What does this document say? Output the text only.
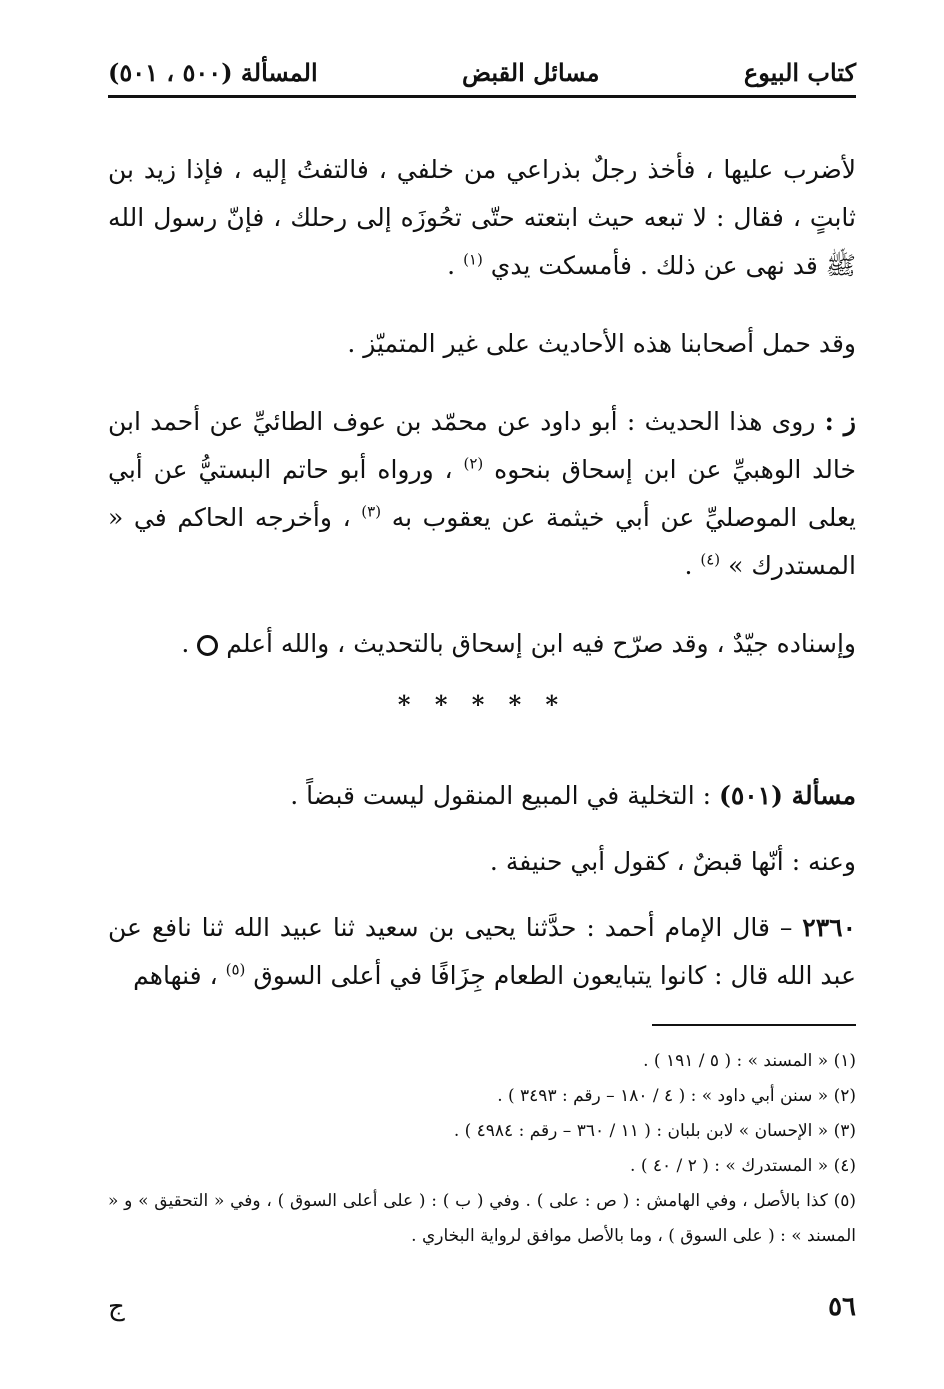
كتاب البيوع
مسائل القبض
المسألة (٥٠٠ ، ٥٠١)

لأضرب عليها ، فأخذ رجلٌ بذراعي من خلفي ، فالتفتُ إليه ، فإذا زيد بن ثابتٍ ، فقال : لا تبعه حيث ابتعته حتّى تحُوزَه إلى رحلك ، فإنّ رسول الله ﷺ قد نهى عن ذلك . فأمسكت يدي $^{(١)}$ .

وقد حمل أصحابنا هذه الأحاديث على غير المتميّز .

ز : روى هذا الحديث : أبو داود عن محمّد بن عوف الطائيِّ عن أحمد ابن خالد الوهبيِّ عن ابن إسحاق بنحوه $^{(٢)}$ ، ورواه أبو حاتم البستيُّ عن أبي يعلى الموصليِّ عن أبي خيثمة عن يعقوب به $^{(٣)}$ ، وأخرجه الحاكم في « المستدرك » $^{(٤)}$ .

وإسناده جيّدٌ ، وقد صرّح فيه ابن إسحاق بالتحديث ، والله أعلم  .

* * * * *

مسألة (٥٠١) : التخلية في المبيع المنقول ليست قبضاً .

وعنه : أنّها قبضٌ ، كقول أبي حنيفة .

٢٣٦٠ – قال الإمام أحمد : حدَّثنا يحيى بن سعيد ثنا عبيد الله ثنا نافع عن عبد الله قال : كانوا يتبايعون الطعام جِزَافًا في أعلى السوق $^{(٥)}$ ، فنهاهم

(١) « المسند » : ( ٥ / ١٩١ ) .

(٢) « سنن أبي داود » : ( ٤ / ١٨٠ – رقم : ٣٤٩٣ ) .

(٣) « الإحسان » لابن بلبان : ( ١١ / ٣٦٠ – رقم : ٤٩٨٤ ) .

(٤) « المستدرك » : ( ٢ / ٤٠ ) .

(٥) كذا بالأصل ، وفي الهامش : ( ص : على ) . وفي ( ب ) : ( على أعلى السوق ) ، وفي « التحقيق » و « المسند » : ( على السوق ) ، وما بالأصل موافق لرواية البخاري .

٥٦
ج
